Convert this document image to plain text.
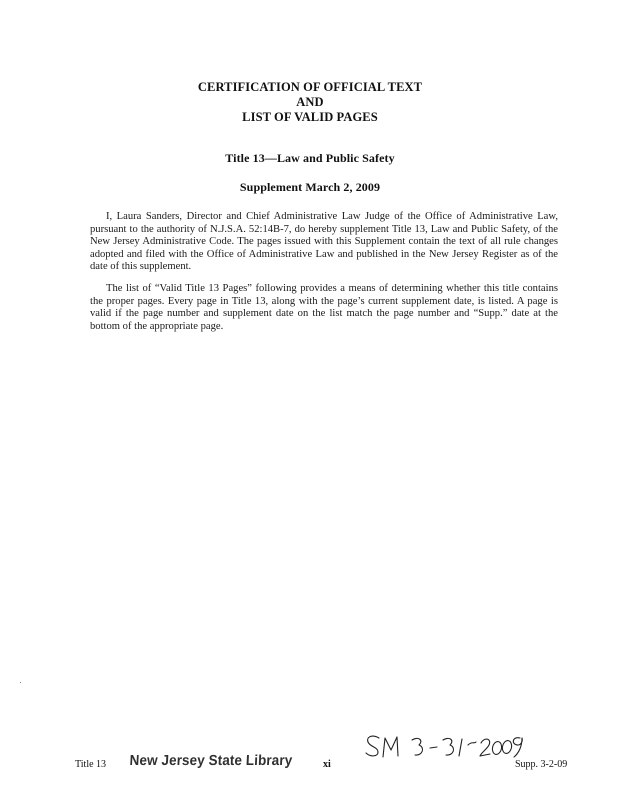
CERTIFICATION OF OFFICIAL TEXT
AND
LIST OF VALID PAGES
Title 13—Law and Public Safety
Supplement March 2, 2009
I, Laura Sanders, Director and Chief Administrative Law Judge of the Office of Administrative Law, pursuant to the authority of N.J.S.A. 52:14B-7, do hereby supplement Title 13, Law and Public Safety, of the New Jersey Administrative Code. The pages issued with this Supplement contain the text of all rule changes adopted and filed with the Office of Administrative Law and published in the New Jersey Register as of the date of this supplement.
The list of “Valid Title 13 Pages” following provides a means of determining whether this title contains the proper pages. Every page in Title 13, along with the page’s current supplement date, is listed. A page is valid if the page number and supplement date on the list match the page number and “Supp.” date at the bottom of the appropriate page.
Title 13 New Jersey State Library	xi	Supp. 3-2-09
